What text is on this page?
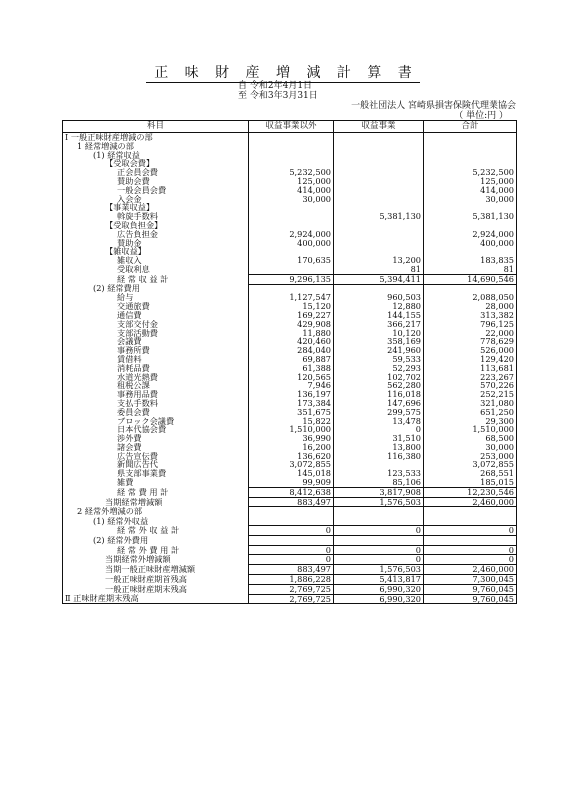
正 味 財 産 増 減 計 算 書
自 令和2年4月1日
至 令和3年3月31日
一般社団法人 宮崎県損害保険代理業協会
（ 単位:円 ）
科目	収益事業以外	収益事業	合計
Ⅰ 一般正味財産増減の部			
1 経常増減の部			
(1) 経常収益			
【受取会費】			
正会員会費	5,232,500		5,232,500
賛助会費	125,000		125,000
一般会員会費	414,000		414,000
入会金	30,000		30,000
【事業収益】			
斡旋手数料		5,381,130	5,381,130
【受取負担金】			
広告負担金	2,924,000		2,924,000
賛助金	400,000		400,000
【雑収益】			
雑収入	170,635	13,200	183,835
受取利息		81	81
経 常 収 益 計	9,296,135	5,394,411	14,690,546
(2) 経常費用			
給与	1,127,547	960,503	2,088,050
交通旅費	15,120	12,880	28,000
通信費	169,227	144,155	313,382
支部交付金	429,908	366,217	796,125
支部活動費	11,880	10,120	22,000
会議費	420,460	358,169	778,629
事務所費	284,040	241,960	526,000
賃借料	69,887	59,533	129,420
消耗品費	61,388	52,293	113,681
水道光熱費	120,565	102,702	223,267
租税公課	7,946	562,280	570,226
事務用品費	136,197	116,018	252,215
支払手数料	173,384	147,696	321,080
委員会費	351,675	299,575	651,250
ブロック会議費	15,822	13,478	29,300
日本代協会費	1,510,000	0	1,510,000
渉外費	36,990	31,510	68,500
諸会費	16,200	13,800	30,000
広告宣伝費	136,620	116,380	253,000
新聞広告代	3,072,855		3,072,855
県支部事業費	145,018	123,533	268,551
雑費	99,909	85,106	185,015
経 常 費 用 計	8,412,638	3,817,908	12,230,546
当期経常増減額	883,497	1,576,503	2,460,000
2 経常外増減の部			
(1) 経常外収益			
経 常 外 収 益 計	0	0	0
(2) 経常外費用			
経 常 外 費 用 計	0	0	0
当期経常外増減額	0	0	0
当期一般正味財産増減額	883,497	1,576,503	2,460,000
一般正味財産期首残高	1,886,228	5,413,817	7,300,045
一般正味財産期末残高	2,769,725	6,990,320	9,760,045
Ⅱ 正味財産期末残高	2,769,725	6,990,320	9,760,045
